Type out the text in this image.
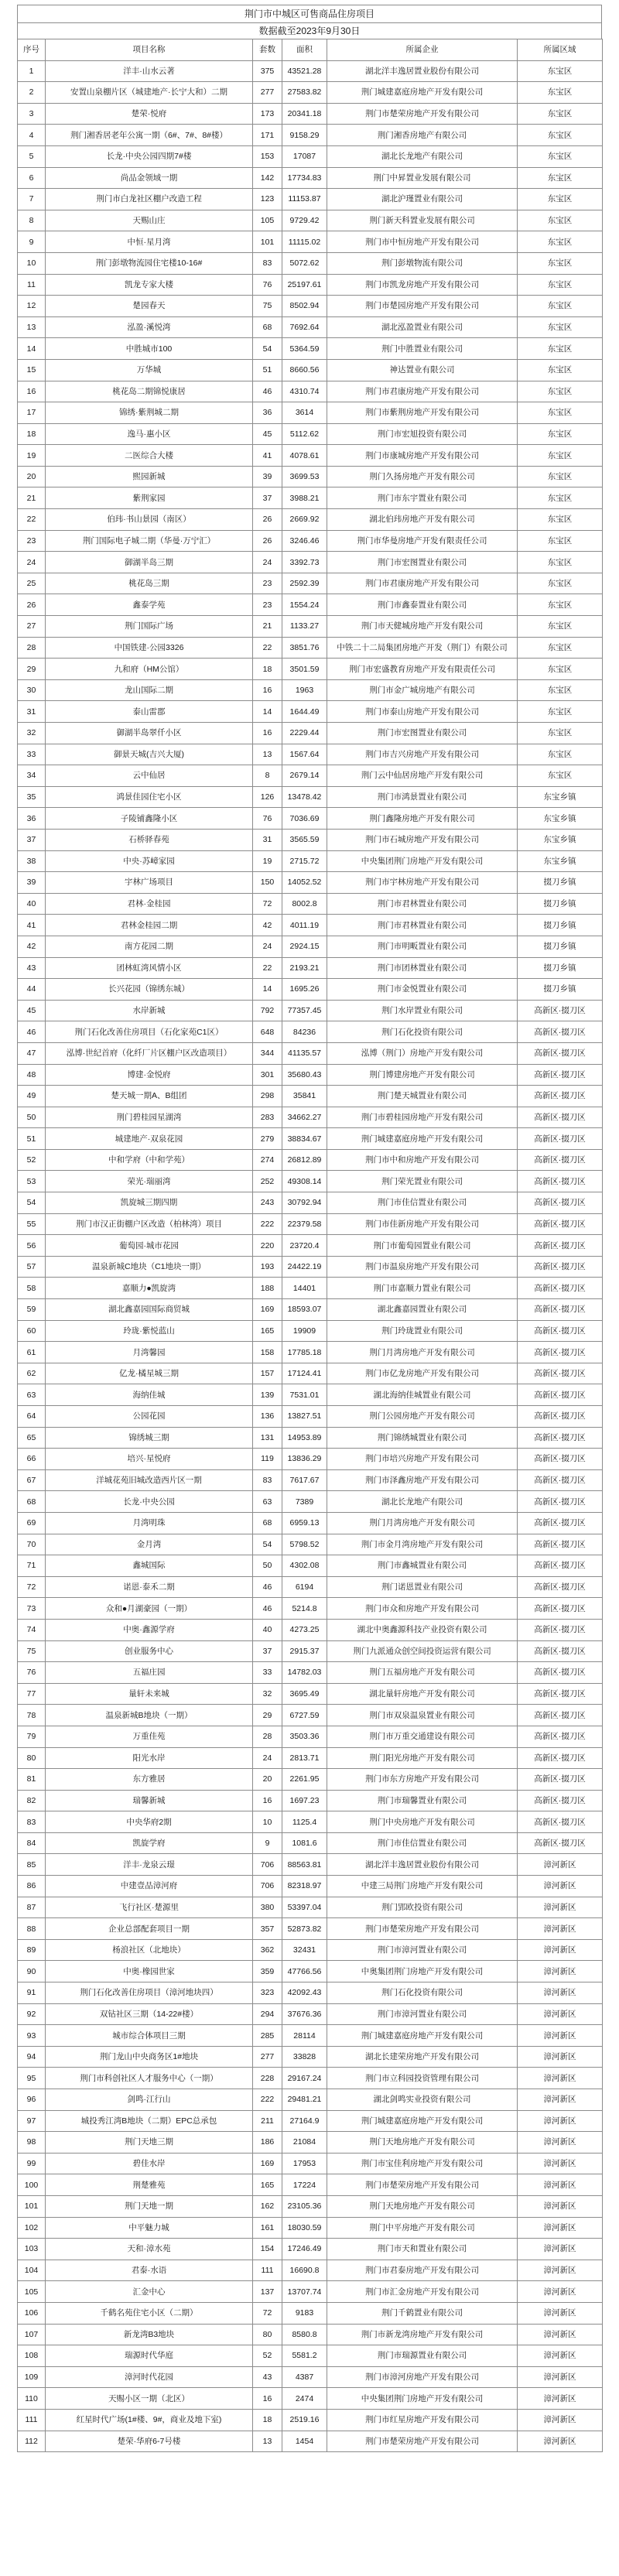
荆门市中城区可售商品住房项目
数据截至2023年9月30日
序号	项目名称	套数	面积	所属企业	所属区域
1	洋丰·山水云著	375	43521.28	湖北洋丰逸居置业股份有限公司	东宝区
2	安置山泉棚片区（城建地产·长宁大和）二期	277	27583.82	荆门城建嘉庭房地产开发有限公司	东宝区
3	楚荣·悦府	173	20341.18	荆门市楚荣房地产开发有限公司	东宝区
4	荆门湘香居老年公寓一期（6#、7#、8#楼）	171	9158.29	荆门湘香房地产有限公司	东宝区
5	长龙·中央公园四期7#楼	153	17087	湖北长龙地产有限公司	东宝区
6	尚品金领域一期	142	17734.83	荆门中昇置业发展有限公司	东宝区
7	荆门市白龙社区棚户改造工程	123	11153.87	湖北沪瑾置业有限公司	东宝区
8	天赐山庄	105	9729.42	荆门新天科置业发展有限公司	东宝区
9	中恒·星月湾	101	11115.02	荆门市中恒房地产开发有限公司	东宝区
10	荆门彭墩物流园住宅楼10-16#	83	5072.62	荆门彭墩物流有限公司	东宝区
11	凯龙专家大楼	76	25197.61	荆门市凯龙房地产开发有限公司	东宝区
12	楚园春天	75	8502.94	荆门市楚园房地产开发有限公司	东宝区
13	泓盈·溪悦湾	68	7692.64	湖北泓盈置业有限公司	东宝区
14	中胜城市100	54	5364.59	荆门中胜置业有限公司	东宝区
15	万华城	51	8660.56	神达置业有限公司	东宝区
16	桃花岛二期锦悦康居	46	4310.74	荆门市君康房地产开发有限公司	东宝区
17	锦绣·紫荆城二期	36	3614	荆门市紫荆房地产开发有限公司	东宝区
18	逸马·惠小区	45	5112.62	荆门市宏旭投资有限公司	东宝区
19	二医综合大楼	41	4078.61	荆门市康城房地产开发有限公司	东宝区
20	熙园新城	39	3699.53	荆门久扬房地产开发有限公司	东宝区
21	紫荆家园	37	3988.21	荆门市东宇置业有限公司	东宝区
22	伯玮·书山景园（南区）	26	2669.92	湖北伯玮房地产开发有限公司	东宝区
23	荆门国际电子城二期（华曼·万宁汇）	26	3246.46	荆门市华曼房地产开发有限责任公司	东宝区
24	御湖半岛三期	24	3392.73	荆门市宏图置业有限公司	东宝区
25	桃花岛三期	23	2592.39	荆门市君康房地产开发有限公司	东宝区
26	鑫泰学苑	23	1554.24	荆门市鑫泰置业有限公司	东宝区
27	荆门国际广场	21	1133.27	荆门市天健城房地产开发有限公司	东宝区
28	中国铁建·公园3326	22	3851.76	中铁二十二局集团房地产开发（荆门）有限公司	东宝区
29	九和府（HM公馆）	18	3501.59	荆门市宏盛教育房地产开发有限责任公司	东宝区
30	龙山国际二期	16	1963	荆门市金广城房地产有限公司	东宝区
31	泰山雷郡	14	1644.49	荆门市泰山房地产开发有限公司	东宝区
32	御湖半岛翠仟小区	16	2229.44	荆门市宏图置业有限公司	东宝区
33	御景天城(吉兴大厦)	13	1567.64	荆门市吉兴房地产开发有限公司	东宝区
34	云中仙居	8	2679.14	荆门云中仙居房地产开发有限公司	东宝区
35	鸿景佳园住宅小区	126	13478.42	荆门市鸿景置业有限公司	东宝乡镇
36	子陵铺鑫隆小区	76	7036.69	荆门鑫隆房地产开发有限公司	东宝乡镇
37	石桥驿春苑	31	3565.59	荆门市石城房地产开发有限公司	东宝乡镇
38	中央·苏嶂家园	19	2715.72	中央集团荆门房地产开发有限公司	东宝乡镇
39	宇林广场项目	150	14052.52	荆门市宇林房地产开发有限公司	掇刀乡镇
40	君林·金桂园	72	8002.8	荆门市君林置业有限公司	掇刀乡镇
41	君林金桂园二期	42	4011.19	荆门市君林置业有限公司	掇刀乡镇
42	南方花园二期	24	2924.15	荆门市明畈置业有限公司	掇刀乡镇
43	团林虹湾风情小区	22	2193.21	荆门市团林置业有限公司	掇刀乡镇
44	长兴花园（锦绣东城）	14	1695.26	荆门市金悦置业有限公司	掇刀乡镇
45	水岸新城	792	77357.45	荆门水岸置业有限公司	高新区·掇刀区
46	荆门石化改善住房项目（石化家苑C1区）	648	84236	荆门石化投资有限公司	高新区·掇刀区
47	泓博·世纪首府（化纤厂片区棚户区改造项目）	344	41135.57	泓博（荆门）房地产开发有限公司	高新区·掇刀区
48	博建·金悦府	301	35680.43	荆门博建房地产开发有限公司	高新区·掇刀区
49	楚天城一期A、B组团	298	35841	荆门楚天城置业有限公司	高新区·掇刀区
50	荆门碧桂园星湖湾	283	34662.27	荆门市碧桂园房地产开发有限公司	高新区·掇刀区
51	城建地产·双泉花园	279	38834.67	荆门城建嘉庭房地产开发有限公司	高新区·掇刀区
52	中和学府（中和学苑）	274	26812.89	荆门市中和房地产开发有限公司	高新区·掇刀区
53	荣光·瑞丽湾	252	49308.14	荆门荣光置业有限公司	高新区·掇刀区
54	凯旋城三期四期	243	30792.94	荆门市佳信置业有限公司	高新区·掇刀区
55	荆门市汉正街棚户区改造（柏林湾）项目	222	22379.58	荆门市佳新房地产开发有限公司	高新区·掇刀区
56	葡萄园·城市花园	220	23720.4	荆门市葡萄园置业有限公司	高新区·掇刀区
57	温泉新城C地块（C1地块一期）	193	24422.19	荆门市温泉房地产开发有限公司	高新区·掇刀区
58	嘉顺力●凯旋湾	188	14401	荆门市嘉顺力置业有限公司	高新区·掇刀区
59	湖北鑫嘉园国际商贸城	169	18593.07	湖北鑫嘉园置业有限公司	高新区·掇刀区
60	玲珑·紫悦蓝山	165	19909	荆门玲珑置业有限公司	高新区·掇刀区
61	月湾馨园	158	17785.18	荆门月湾房地产开发有限公司	高新区·掇刀区
62	亿龙·橘星城三期	157	17124.41	荆门市亿龙房地产开发有限公司	高新区·掇刀区
63	海纳佳城	139	7531.01	湖北海纳佳城置业有限公司	高新区·掇刀区
64	公园花园	136	13827.51	荆门公园房地产开发有限公司	高新区·掇刀区
65	锦绣城三期	131	14953.89	荆门锦绣城置业有限公司	高新区·掇刀区
66	培兴·星悦府	119	13836.29	荆门市培兴房地产开发有限公司	高新区·掇刀区
67	洋城花苑旧城改造西片区一期	83	7617.67	荆门市泽鑫房地产开发有限公司	高新区·掇刀区
68	长龙·中央公园	63	7389	湖北长龙地产有限公司	高新区·掇刀区
69	月湾明珠	68	6959.13	荆门月湾房地产开发有限公司	高新区·掇刀区
70	金月湾	54	5798.52	荆门市金月湾房地产开发有限公司	高新区·掇刀区
71	鑫城国际	50	4302.08	荆门市鑫城置业有限公司	高新区·掇刀区
72	诺恩·泰禾二期	46	6194	荆门诺恩置业有限公司	高新区·掇刀区
73	众和●月湖豪园（一期）	46	5214.8	荆门市众和房地产开发有限公司	高新区·掇刀区
74	中奥·鑫源学府	40	4273.25	湖北中奥鑫源科技产业投资有限公司	高新区·掇刀区
75	创业服务中心	37	2915.37	荆门九派通众创空间投资运营有限公司	高新区·掇刀区
76	五福庄园	33	14782.03	荆门五福房地产开发有限公司	高新区·掇刀区
77	量轩未来城	32	3695.49	湖北量轩房地产开发有限公司	高新区·掇刀区
78	温泉新城B地块（一期）	29	6727.59	荆门市双泉温泉置业有限公司	高新区·掇刀区
79	万重佳苑	28	3503.36	荆门市万重交通建设有限公司	高新区·掇刀区
80	阳光水岸	24	2813.71	荆门阳光房地产开发有限公司	高新区·掇刀区
81	东方雅居	20	2261.95	荆门市东方房地产开发有限公司	高新区·掇刀区
82	瑞馨新城	16	1697.23	荆门市瑞馨置业有限公司	高新区·掇刀区
83	中央华府2期	10	1125.4	荆门中央房地产开发有限公司	高新区·掇刀区
84	凯旋学府	9	1081.6	荆门市佳信置业有限公司	高新区·掇刀区
85	洋丰·龙泉云璟	706	88563.81	湖北洋丰逸居置业股份有限公司	漳河新区
86	中建壹品漳河府	706	82318.97	中建三局荆门房地产开发有限公司	漳河新区
87	飞行社区·楚源里	380	53397.04	荆门郢欧投资有限公司	漳河新区
88	企业总部配套项目一期	357	52873.82	荆门市楚荣房地产开发有限公司	漳河新区
89	杨浪社区（北地块）	362	32431	荆门市漳河置业有限公司	漳河新区
90	中奥·橡园世家	359	47766.56	中奥集团荆门房地产开发有限公司	漳河新区
91	荆门石化改善住房项目（漳河地块四）	323	42092.43	荆门石化投资有限公司	漳河新区
92	双钻社区三期（14-22#楼）	294	37676.36	荆门市漳河置业有限公司	漳河新区
93	城市综合体项目三期	285	28114	荆门城建嘉庭房地产开发有限公司	漳河新区
94	荆门龙山中央商务区1#地块	277	33828	湖北长建荣房地产开发有限公司	漳河新区
95	荆门市科创社区人才服务中心（一期）	228	29167.24	荆门市立科园投资管理有限公司	漳河新区
96	剑鸣·江行山	222	29481.21	湖北剑鸣实业投资有限公司	漳河新区
97	城投秀江湾B地块（二期）EPC总承包	211	27164.9	荆门城建嘉庭房地产开发有限公司	漳河新区
98	荆门天地三期	186	21084	荆门天地房地产开发有限公司	漳河新区
99	碧佳水岸	169	17953	荆门市宝佳利房地产开发有限公司	漳河新区
100	荆楚雅苑	165	17224	荆门市楚荣房地产开发有限公司	漳河新区
101	荆门天地一期	162	23105.36	荆门天地房地产开发有限公司	漳河新区
102	中平魅力城	161	18030.59	荆门中平房地产开发有限公司	漳河新区
103	天和·漳水苑	154	17246.49	荆门市天和置业有限公司	漳河新区
104	君泰·水语	111	16690.8	荆门市君泰房地产开发有限公司	漳河新区
105	汇金中心	137	13707.74	荆门市汇金房地产开发有限公司	漳河新区
106	千鹤名苑住宅小区（二期）	72	9183	荆门千鹤置业有限公司	漳河新区
107	新龙湾B3地块	80	8580.8	荆门市新龙湾房地产开发有限公司	漳河新区
108	瑞源时代华庭	52	5581.2	荆门市瑞源置业有限公司	漳河新区
109	漳河时代花园	43	4387	荆门市漳河房地产开发有限公司	漳河新区
110	天赐小区一期（北区）	16	2474	中央集团荆门房地产开发有限公司	漳河新区
111	红星时代广场(1#楼、9#，商业及地下室)	18	2519.16	荆门市红星房地产开发有限公司	漳河新区
112	楚荣·华府6-7号楼	13	1454	荆门市楚荣房地产开发有限公司	漳河新区
